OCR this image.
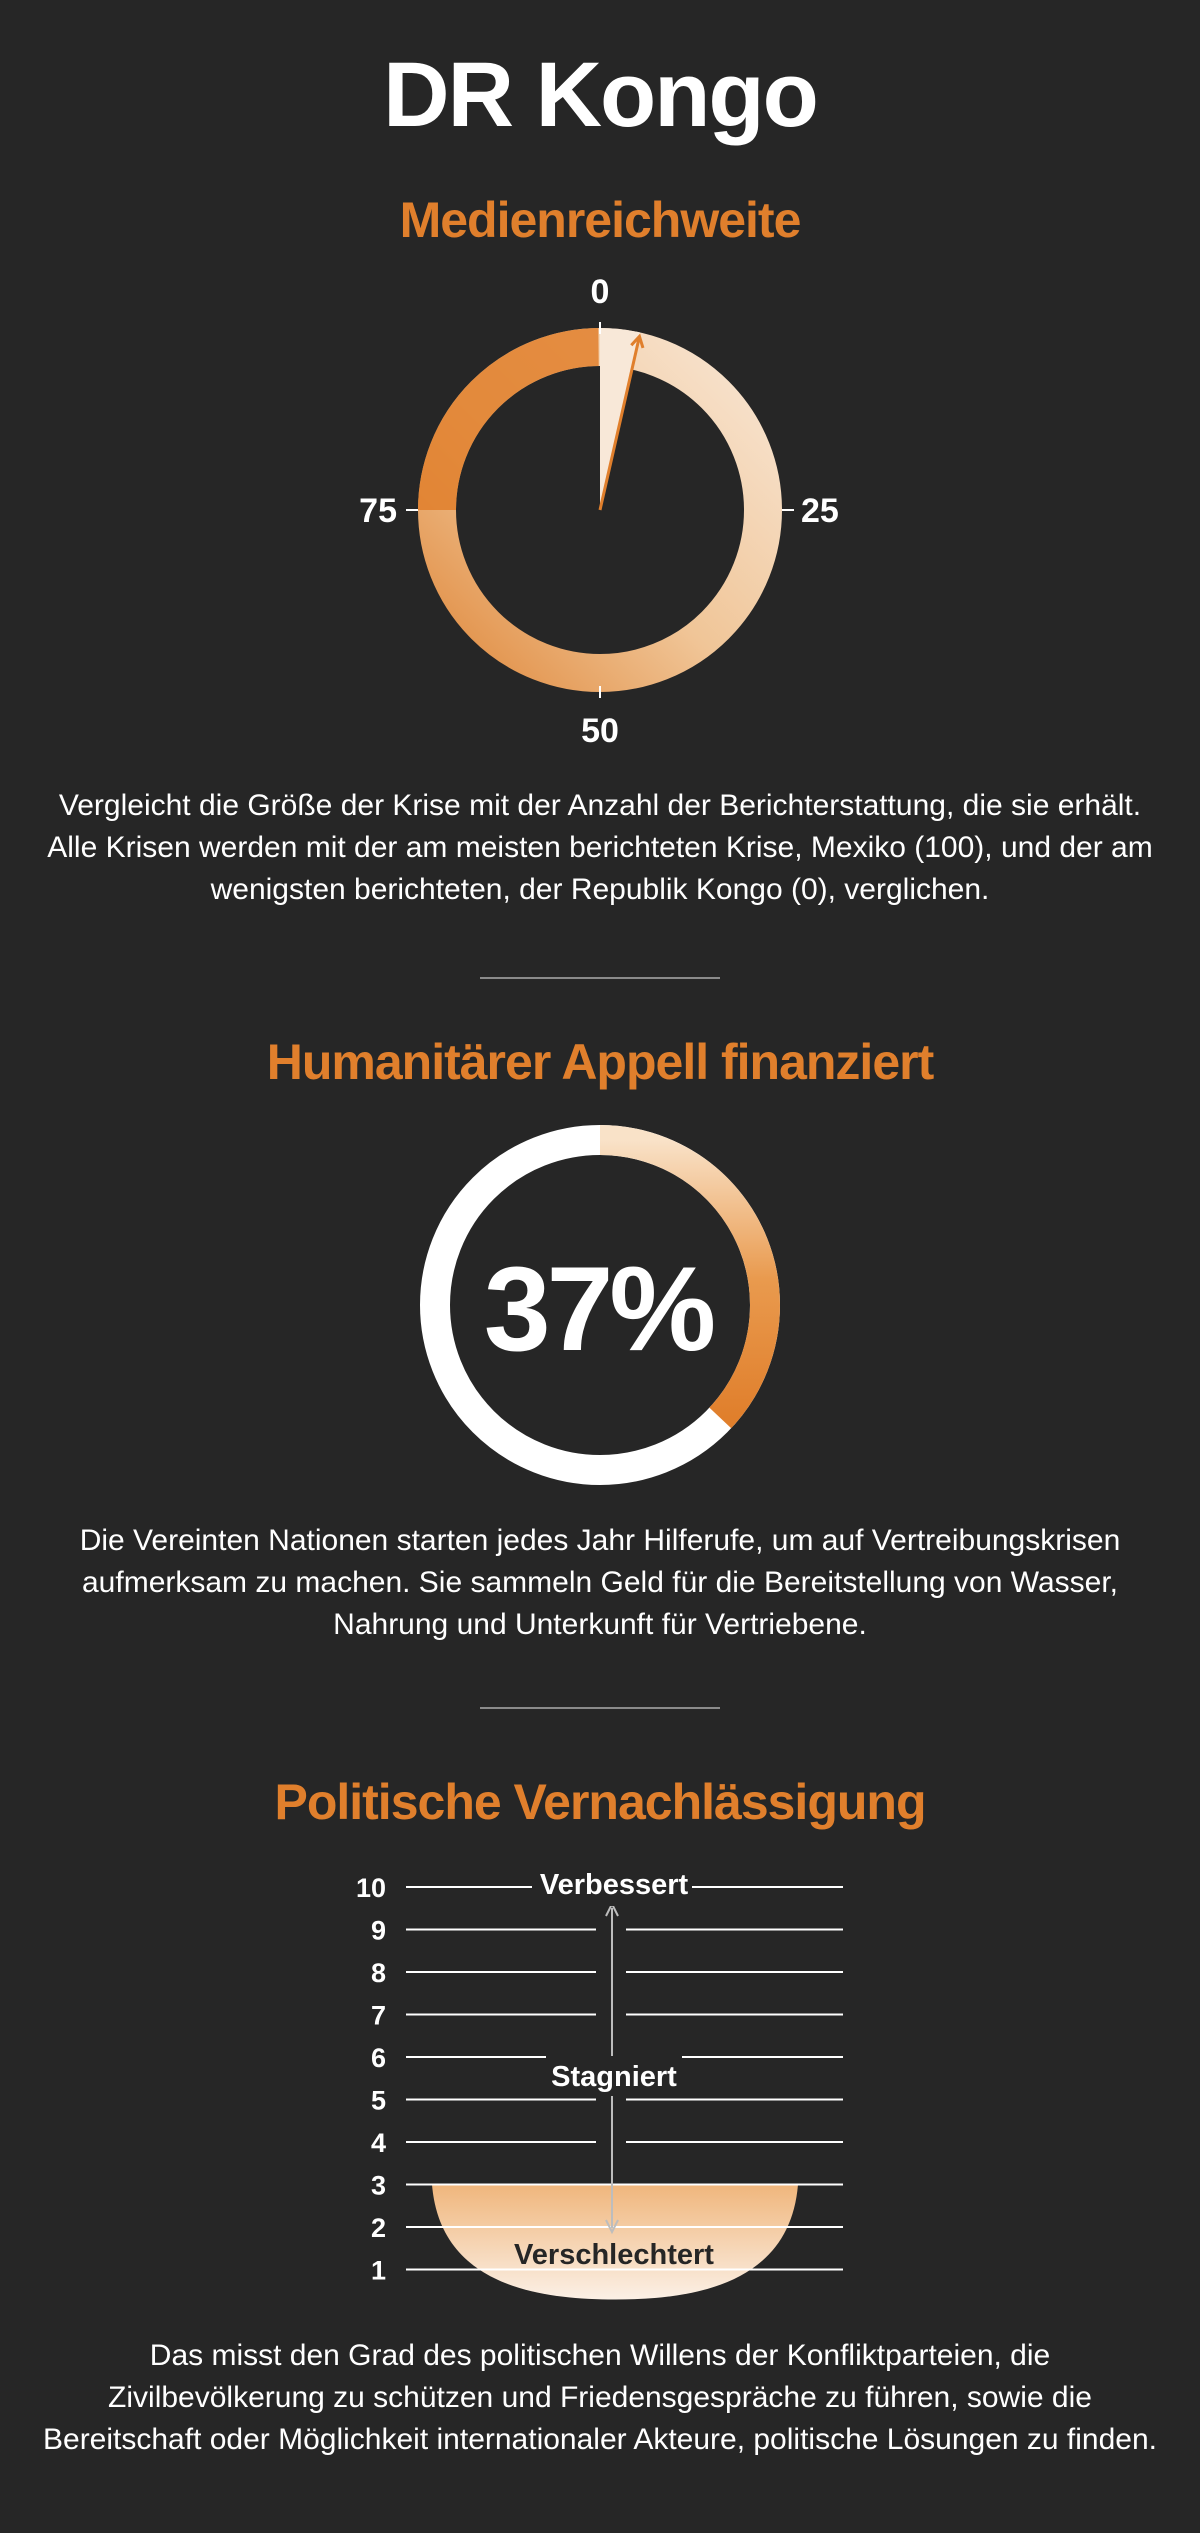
DR Kongo
Medienreichweite
0
25
50
75
37%
Verbessert
Stagniert
Verschlechtert
10
9
8
7
6
5
4
3
2
1
Vergleicht die Größe der Krise mit der Anzahl der Berichterstattung, die sie erhält. Alle Krisen werden mit der am meisten berichteten Krise, Mexiko (100), und der am wenigsten berichteten, der Republik Kongo (0), verglichen.
Humanitärer Appell finanziert
Die Vereinten Nationen starten jedes Jahr Hilferufe, um auf Vertreibungskrisen aufmerksam zu machen. Sie sammeln Geld für die Bereitstellung von Wasser, Nahrung und Unterkunft für Vertriebene.
Politische Vernachlässigung
Das misst den Grad des politischen Willens der Konfliktparteien, die Zivilbevölkerung zu schützen und Friedensgespräche zu führen, sowie die Bereitschaft oder Möglichkeit internationaler Akteure, politische Lösungen zu finden.
